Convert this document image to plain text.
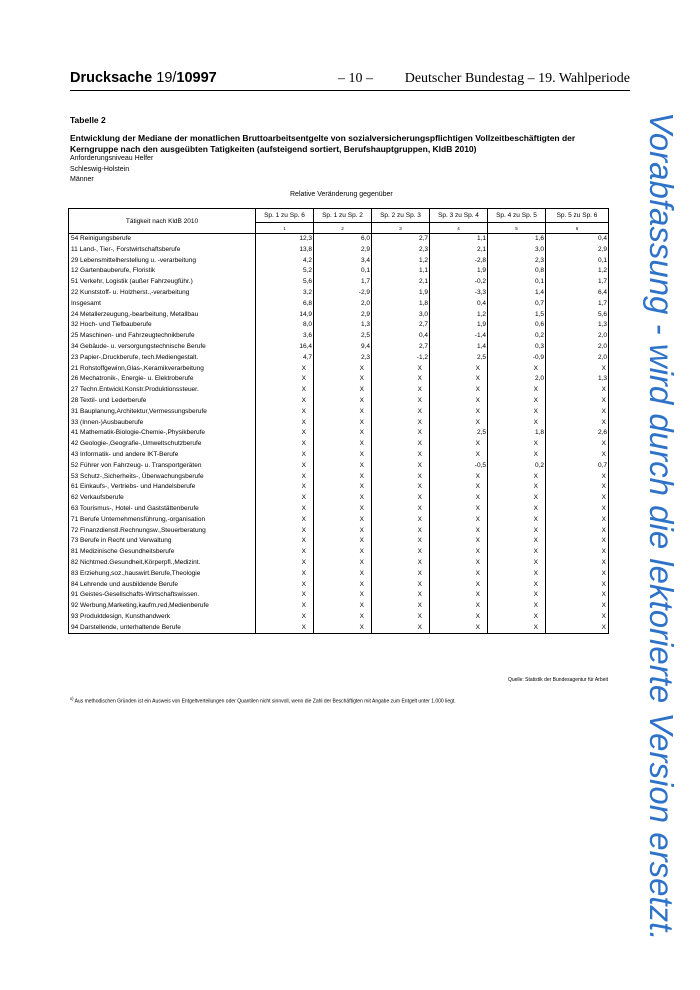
Drucksache 19/10997	– 10 – Deutscher Bundestag – 19. Wahlperiode
Tabelle 2
Entwicklung der Mediane der monatlichen Bruttoarbeitsentgelte von sozialversicherungspflichtigen Vollzeitbeschäftigten der Kerngruppe nach den ausgeübten Tatigkeiten (aufsteigend sortiert, Berufshauptgruppen, KldB 2010)
Anforderungsniveau Helfer
Schleswig-Holstein
Männer
Relative Veränderung gegenüber
Tätigkeit nach KldB 2010	Sp. 1 zu Sp. 6	Sp. 1 zu Sp. 2	Sp. 2 zu Sp. 3	Sp. 3 zu Sp. 4	Sp. 4 zu Sp. 5	Sp. 5 zu Sp. 6
	1	2	3	4	5	6
54 Reinigungsberufe	12,3	6,0	2,7	1,1	1,6	0,4
11 Land-, Tier-, Forstwirtschaftsberufe	13,8	2,9	2,3	2,1	3,0	2,9
29 Lebensmittelherstellung u. -verarbeitung	4,2	3,4	1,2	-2,8	2,3	0,1
12 Gartenbauberufe, Floristik	5,2	0,1	1,1	1,9	0,8	1,2
51 Verkehr, Logistik (außer Fahrzeugführ.)	5,6	1,7	2,1	-0,2	0,1	1,7
22 Kunststoff- u. Holzherst.,-verarbeitung	3,2	-2,9	1,9	-3,3	1,4	6,4
Insgesamt	6,8	2,0	1,8	0,4	0,7	1,7
24 Metallerzeugung,-bearbeitung, Metallbau	14,9	2,9	3,0	1,2	1,5	5,6
32 Hoch- und Tiefbauberufe	8,0	1,3	2,7	1,9	0,6	1,3
25 Maschinen- und Fahrzeugtechnikberufe	3,6	2,5	0,4	-1,4	0,2	2,0
34 Gebäude- u. versorgungstechnische Berufe	16,4	9,4	2,7	1,4	0,3	2,0
23 Papier-,Druckberufe, tech.Mediengestalt.	4,7	2,3	-1,2	2,5	-0,9	2,0
21 Rohstoffgewinn,Glas-,Keramikverarbeitung	X	X	X	X	X	X
26 Mechatronik-, Energie- u. Elektroberufe	X	X	X	X	2,0	1,3
27 Techn.Entwickl.Konstr.Produktionssteuer.	X	X	X	X	X	X
28 Textil- und Lederberufe	X	X	X	X	X	X
31 Bauplanung,Architektur,Vermessungsberufe	X	X	X	X	X	X
33 (Innen-)Ausbauberufe	X	X	X	X	X	X
41 Mathematik-Biologie-Chemie-,Physikberufe	X	X	X	2,5	1,8	2,6
42 Geologie-,Geografie-,Umweltschutzberufe	X	X	X	X	X	X
43 Informatik- und andere IKT-Berufe	X	X	X	X	X	X
52 Führer von Fahrzeug- u. Transportgeräten	X	X	X	-0,5	0,2	0,7
53 Schutz-,Sicherheits-, Überwachungsberufe	X	X	X	X	X	X
61 Einkaufs-, Vertriebs- und Handelsberufe	X	X	X	X	X	X
62 Verkaufsberufe	X	X	X	X	X	X
63 Tourismus-, Hotel- und Gaststättenberufe	X	X	X	X	X	X
71 Berufe Unternehmensführung,-organisation	X	X	X	X	X	X
72 Finanzdienstl.Rechnungsw.,Steuerberatung	X	X	X	X	X	X
73 Berufe in Recht und Verwaltung	X	X	X	X	X	X
81 Medizinische Gesundheitsberufe	X	X	X	X	X	X
82 Nichtmed.Gesundheit,Körperpfl.,Medizint.	X	X	X	X	X	X
83 Erziehung,soz.,hauswirt.Berufe,Theologie	X	X	X	X	X	X
84 Lehrende und ausbildende Berufe	X	X	X	X	X	X
91 Geistes-Gesellschafts-Wirtschaftswissen.	X	X	X	X	X	X
92 Werbung,Marketing,kaufm,red,Medienberufe	X	X	X	X	X	X
93 Produktdesign, Kunsthandwerk	X	X	X	X	X	X
94 Darstellende, unterhaltende Berufe	X	X	X	X	X	X
Quelle: Statistik der Bundesagentur für Arbeit
$^{x)}$ Aus methodischen Gründen ist ein Ausweis von Entgeltverteilungen oder Quantilen nicht sinnvoll, wenn die Zahl der Beschäftigten mit Angabe zum Entgelt unter 1.000 liegt.	Vorabfassung - wird durch die lektorierte Version ersetzt.
